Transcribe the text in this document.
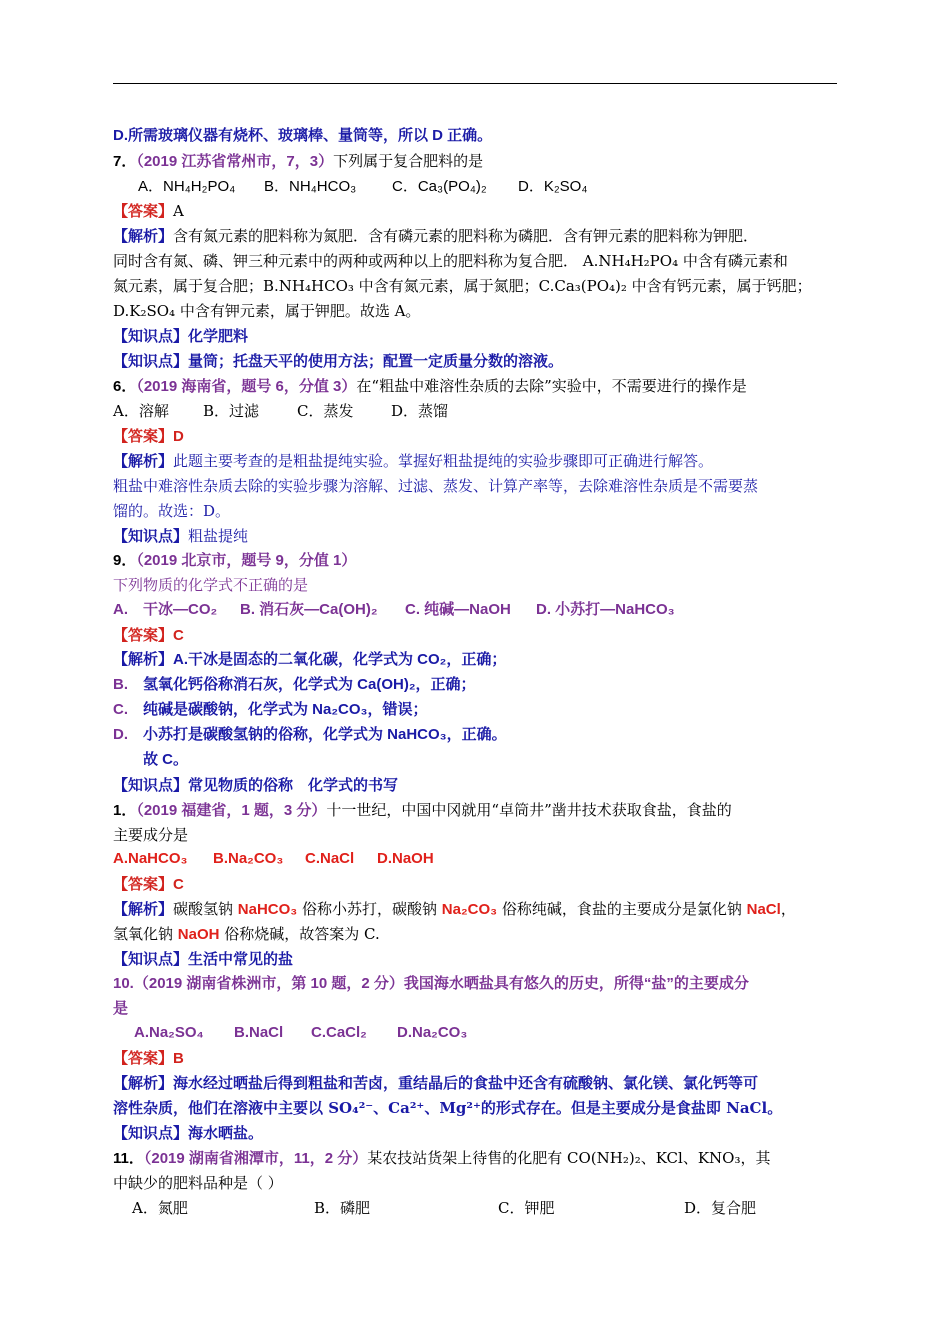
D.所需玻璃仪器有烧杯、玻璃棒、量筒等，所以 D 正确。
7．（2019 江苏省常州市，7，3）下列属于复合肥料的是
A．NH₄H₂PO₄ B．NH₄HCO₃ C．Ca₃(PO₄)₂ D．K₂SO₄
【答案】A
【解析】含有氮元素的肥料称为氮肥．含有磷元素的肥料称为磷肥．含有钾元素的肥料称为钾肥．
同时含有氮、磷、钾三种元素中的两种或两种以上的肥料称为复合肥． A.NH₄H₂PO₄ 中含有磷元素和
氮元素，属于复合肥；B.NH₄HCO₃ 中含有氮元素，属于氮肥；C.Ca₃(PO₄)₂ 中含有钙元素，属于钙肥；
D.K₂SO₄ 中含有钾元素，属于钾肥。故选 A。
【知识点】化学肥料
【知识点】量筒；托盘天平的使用方法；配置一定质量分数的溶液。
6．（2019 海南省，题号 6，分值 3）在“粗盐中难溶性杂质的去除”实验中，不需要进行的操作是
A．溶解 B．过滤	C．蒸发	D．蒸馏
【答案】D
【解析】此题主要考查的是粗盐提纯实验。掌握好粗盐提纯的实验步骤即可正确进行解答。
粗盐中难溶性杂质去除的实验步骤为溶解、过滤、蒸发、计算产率等，去除难溶性杂质是不需要蒸
馏的。故选：D。
【知识点】粗盐提纯
9．（2019 北京市，题号 9，分值 1）
下列物质的化学式不正确的是
A.　干冰—CO₂ B. 消石灰—Ca(OH)₂ C. 纯碱—NaOH D. 小苏打—NaHCO₃
【答案】C
【解析】A.干冰是固态的二氧化碳，化学式为 CO₂，正确；
B. 氢氧化钙俗称消石灰，化学式为 Ca(OH)₂，正确；
C. 纯碱是碳酸钠，化学式为 Na₂CO₃，错误；
D. 小苏打是碳酸氢钠的俗称，化学式为 NaHCO₃，正确。
故 C。
【知识点】常见物质的俗称　化学式的书写
1．（2019 福建省，1 题，3 分）十一世纪，中国中冈就用“卓筒井”凿井技术获取食盐，食盐的
主要成分是
A.NaHCO₃ B.Na₂CO₃ C.NaCl D.NaOH
【答案】C
【解析】碳酸氢钠 NaHCO₃ 俗称小苏打，碳酸钠 Na₂CO₃ 俗称纯碱，食盐的主要成分是氯化钠 NaCl，
氢氧化钠 NaOH 俗称烧碱，故答案为 C.
【知识点】生活中常见的盐
10.（2019 湖南省株洲市，第 10 题，2 分）我国海水晒盐具有悠久的历史，所得“盐”的主要成分
是
A.Na₂SO₄ B.NaCl C.CaCl₂ D.Na₂CO₃
【答案】B
【解析】海水经过晒盐后得到粗盐和苦卤，重结晶后的食盐中还含有硫酸钠、氯化镁、氯化钙等可
溶性杂质，他们在溶液中主要以 SO₄²⁻、Ca²⁺、Mg²⁺的形式存在。但是主要成分是食盐即 NaCl。
【知识点】海水晒盐。
11．（2019 湖南省湘潭市，11，2 分）某农技站货架上待售的化肥有 CO(NH₂)₂、KCl、KNO₃，其
中缺少的肥料品种是（ ）
A．氮肥	B．磷肥	C．钾肥	D．复合肥
